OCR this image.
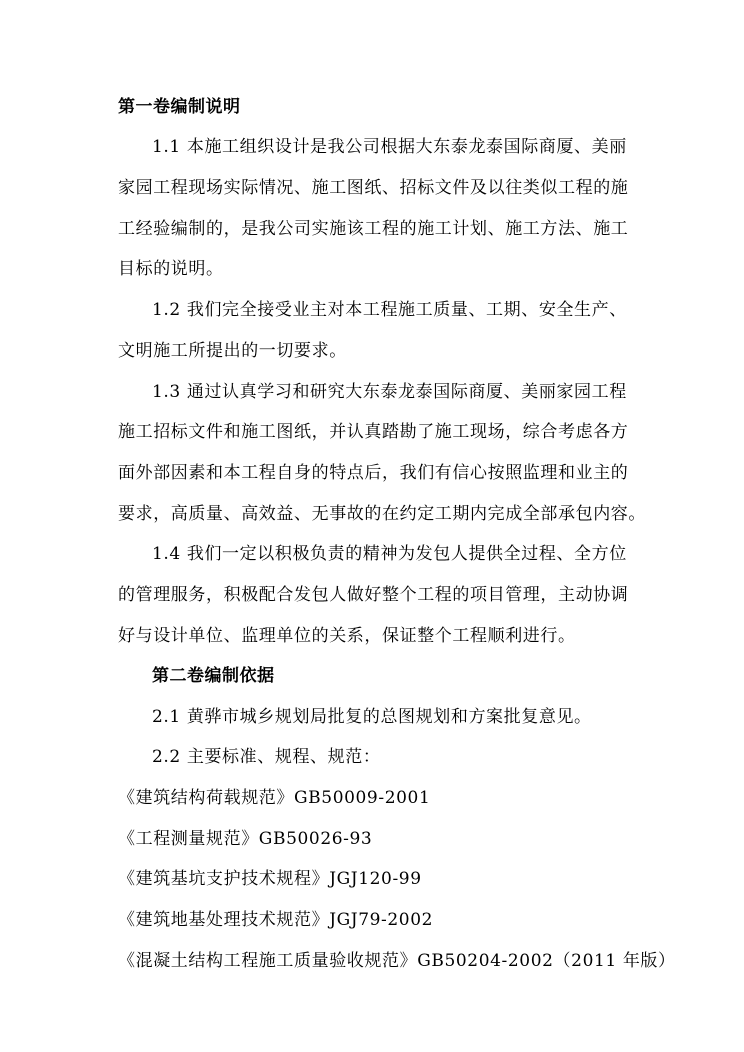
第一卷编制说明
1.1 本施工组织设计是我公司根据大东泰龙泰国际商厦、美丽
家园工程现场实际情况、施工图纸、招标文件及以往类似工程的施
工经验编制的，是我公司实施该工程的施工计划、施工方法、施工
目标的说明。
1.2 我们完全接受业主对本工程施工质量、工期、安全生产、
文明施工所提出的一切要求。
1.3 通过认真学习和研究大东泰龙泰国际商厦、美丽家园工程
施工招标文件和施工图纸，并认真踏勘了施工现场，综合考虑各方
面外部因素和本工程自身的特点后，我们有信心按照监理和业主的
要求，高质量、高效益、无事故的在约定工期内完成全部承包内容。
1.4 我们一定以积极负责的精神为发包人提供全过程、全方位
的管理服务，积极配合发包人做好整个工程的项目管理，主动协调
好与设计单位、监理单位的关系，保证整个工程顺利进行。
第二卷编制依据
2.1 黄骅市城乡规划局批复的总图规划和方案批复意见。
2.2 主要标准、规程、规范：
《建筑结构荷载规范》GB50009-2001
《工程测量规范》GB50026-93
《建筑基坑支护技术规程》JGJ120-99
《建筑地基处理技术规范》JGJ79-2002
《混凝土结构工程施工质量验收规范》GB50204-2002（2011 年版）
